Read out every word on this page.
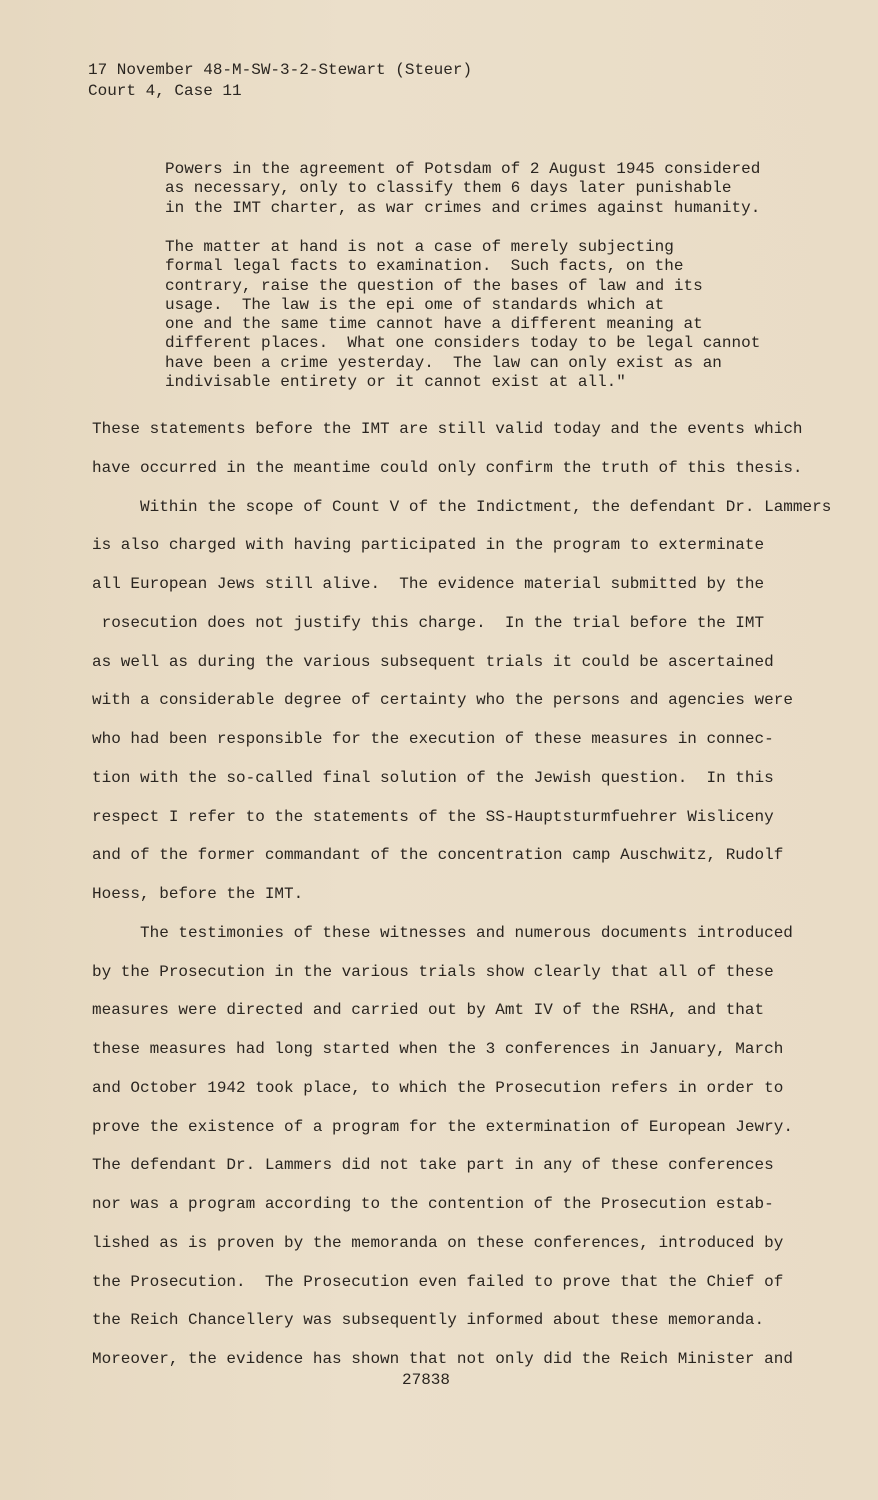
17 November 48-M-SW-3-2-Stewart (Steuer)
Court 4, Case 11
Powers in the agreement of Potsdam of 2 August 1945 considered
as necessary, only to classify them 6 days later punishable
in the IMT charter, as war crimes and crimes against humanity.
The matter at hand is not a case of merely subjecting
formal legal facts to examination.  Such facts, on the
contrary, raise the question of the bases of law and its
usage.  The law is the epi ome of standards which at
one and the same time cannot have a different meaning at
different places.  What one considers today to be legal cannot
have been a crime yesterday.  The law can only exist as an
indivisable entirety or it cannot exist at all."
These statements before the IMT are still valid today and the events which
have occurred in the meantime could only confirm the truth of this thesis.
Within the scope of Count V of the Indictment, the defendant Dr. Lammers
is also charged with having participated in the program to exterminate
all European Jews still alive.  The evidence material submitted by the
rosecution does not justify this charge.  In the trial before the IMT
as well as during the various subsequent trials it could be ascertained
with a considerable degree of certainty who the persons and agencies were
who had been responsible for the execution of these measures in connec-
tion with the so-called final solution of the Jewish question.  In this
respect I refer to the statements of the SS-Hauptsturmfuehrer Wisliceny
and of the former commandant of the concentration camp Auschwitz, Rudolf
Hoess, before the IMT.
The testimonies of these witnesses and numerous documents introduced
by the Prosecution in the various trials show clearly that all of these
measures were directed and carried out by Amt IV of the RSHA, and that
these measures had long started when the 3 conferences in January, March
and October 1942 took place, to which the Prosecution refers in order to
prove the existence of a program for the extermination of European Jewry.
The defendant Dr. Lammers did not take part in any of these conferences
nor was a program according to the contention of the Prosecution estab-
lished as is proven by the memoranda on these conferences, introduced by
the Prosecution.  The Prosecution even failed to prove that the Chief of
the Reich Chancellery was subsequently informed about these memoranda.
Moreover, the evidence has shown that not only did the Reich Minister and
27838
